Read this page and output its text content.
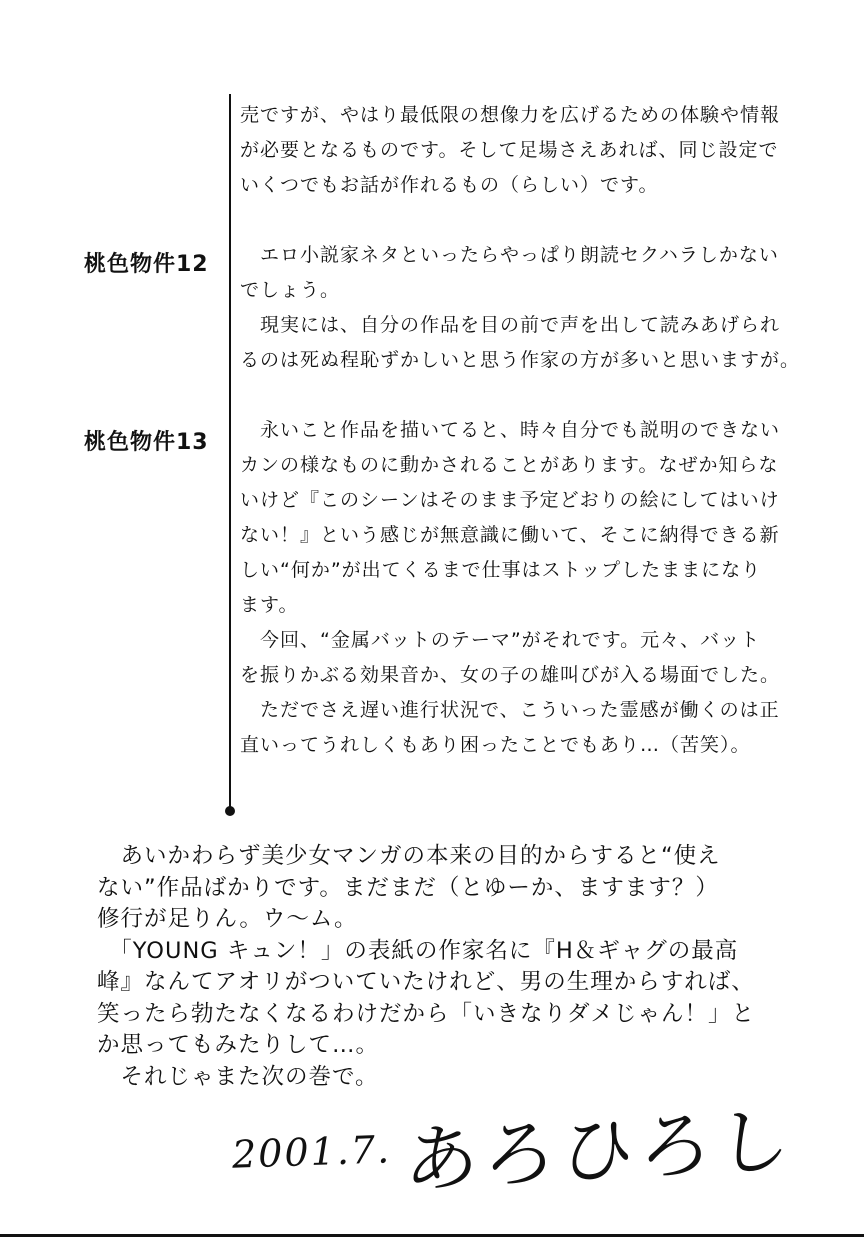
桃色物件12
桃色物件13

売ですが、やはり最低限の想像力を広げるための体験や情報

が必要となるものです。そして足場さえあれば、同じ設定で

いくつでもお話が作れるもの（らしい）です。

　エロ小説家ネタといったらやっぱり朗読セクハラしかない

でしょう。

　現実には、自分の作品を目の前で声を出して読みあげられ

るのは死ぬ程恥ずかしいと思う作家の方が多いと思いますが。

　永いこと作品を描いてると、時々自分でも説明のできない

カンの様なものに動かされることがあります。なぜか知らな

いけど『このシーンはそのまま予定どおりの絵にしてはいけ

ない！』という感じが無意識に働いて、そこに納得できる新

しい“何か”が出てくるまで仕事はストップしたままになり

ます。

　今回、“金属バットのテーマ”がそれです。元々、バット

を振りかぶる効果音か、女の子の雄叫びが入る場面でした。

　ただでさえ遅い進行状況で、こういった霊感が働くのは正

直いってうれしくもあり困ったことでもあり…（苦笑）。

　あいかわらず美少女マンガの本来の目的からすると“使え

ない”作品ばかりです。まだまだ（とゆーか、ますます？）

修行が足りん。ウ～ム。

　「YOUNG キュン！」の表紙の作家名に『H＆ギャグの最高

峰』なんてアオリがついていたけれど、男の生理からすれば、

笑ったら勃たなくなるわけだから「いきなりダメじゃん！」と

か思ってもみたりして…。

　それじゃまた次の巻で。

2001.7. あろひろし
